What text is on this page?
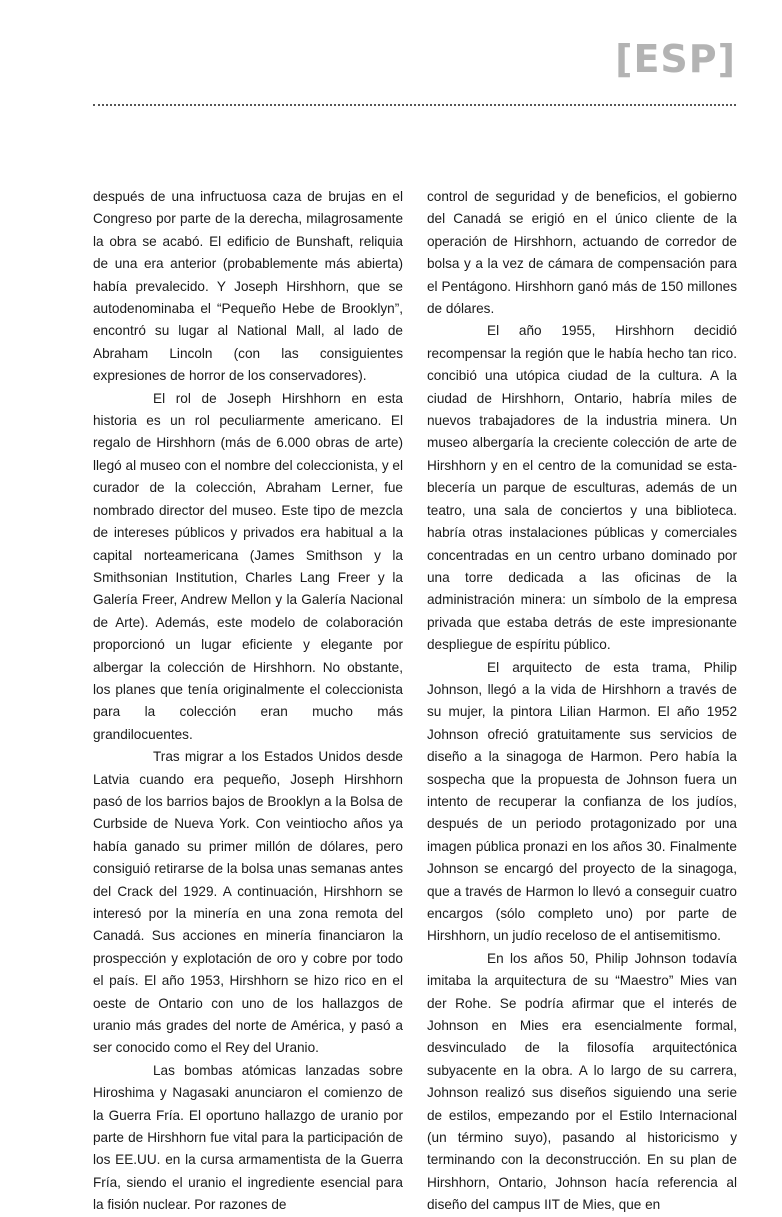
[ESP]

después de una infructuosa caza de brujas en el Congreso por parte de la derecha, milagrosamente la obra se acabó. El edificio de Bunshaft, reliquia de una era anterior (probablemente más abierta) había prevalecido. Y Joseph Hirshhorn, que se autodenominaba el “Pequeño Hebe de Brooklyn”, encontró su lugar al National Mall, al lado de Abraham Lincoln (con las consiguientes expresiones de horror de los conservadores).

El rol de Joseph Hirshhorn en esta historia es un rol peculiarmente americano. El regalo de Hirshhorn (más de 6.000 obras de arte) llegó al museo con el nombre del coleccionista, y el curador de la colección, Abraham Lerner, fue nombrado director del museo. Este tipo de mezcla de intereses públicos y privados era habitual a la capital norteamericana (James Smithson y la Smithsonian Institution, Charles Lang Freer y la Galería Freer, Andrew Mellon y la Galería Nacional de Arte). Además, este modelo de colaboración proporcionó un lugar eficiente y elegante por albergar la colección de Hirshhorn. No obstante, los planes que tenía originalmente el coleccionista para la colección eran mucho más grandilocuentes.

Tras migrar a los Estados Unidos desde Latvia cuando era pequeño, Joseph Hirshhorn pasó de los barrios bajos de Brooklyn a la Bolsa de Curbside de Nueva York. Con veintiocho años ya había ganado su primer millón de dólares, pero consiguió retirarse de la bolsa unas semanas antes del Crack del 1929. A continuación, Hirshhorn se interesó por la minería en una zona remota del Canadá. Sus acciones en minería financiaron la prospección y explotación de oro y cobre por todo el país. El año 1953, Hirshhorn se hizo rico en el oeste de Ontario con uno de los hallazgos de uranio más grades del norte de América, y pasó a ser conocido como el Rey del Uranio.

Las bombas atómicas lanzadas sobre Hiroshima y Nagasaki anunciaron el comienzo de la Guerra Fría. El oportuno hallazgo de uranio por parte de Hirshhorn fue vital para la participación de los EE.UU. en la cursa armamentista de la Guerra Fría, siendo el uranio el ingrediente esencial para la fisión nuclear. Por razones de

control de seguridad y de beneficios, el gobierno del Canadá se erigió en el único cliente de la operación de Hirshhorn, actuando de corredor de bolsa y a la vez de cámara de compensación para el Pentágono. Hirshhorn ganó más de 150 millones de dólares.

El año 1955, Hirshhorn decidió recompensar la región que le había hecho tan rico. concibió una utópica ciudad de la cultura. A la ciudad de Hirshhorn, Ontario, habría miles de nuevos trabajadores de la industria minera. Un museo albergaría la creciente colección de arte de Hirshhorn y en el centro de la comunidad se establecería un parque de esculturas, además de un teatro, una sala de conciertos y una biblioteca. habría otras instalaciones públicas y comerciales concentradas en un centro urbano dominado por una torre dedicada a las oficinas de la administración minera: un símbolo de la empresa privada que estaba detrás de este impresionante despliegue de espíritu público.

El arquitecto de esta trama, Philip Johnson, llegó a la vida de Hirshhorn a través de su mujer, la pintora Lilian Harmon. El año 1952 Johnson ofreció gratuitamente sus servicios de diseño a la sinagoga de Harmon. Pero había la sospecha que la propuesta de Johnson fuera un intento de recuperar la confianza de los judíos, después de un periodo protagonizado por una imagen pública pronazi en los años 30. Finalmente Johnson se encargó del proyecto de la sinagoga, que a través de Harmon lo llevó a conseguir cuatro encargos (sólo completo uno) por parte de Hirshhorn, un judío receloso de el antisemitismo.

En los años 50, Philip Johnson todavía imitaba la arquitectura de su “Maestro” Mies van der Rohe. Se podría afirmar que el interés de Johnson en Mies era esencialmente formal, desvinculado de la filosofía arquitectónica subyacente en la obra. A lo largo de su carrera, Johnson realizó sus diseños siguiendo una serie de estilos, empezando por el Estilo Internacional (un término suyo), pasando al historicismo y terminando con la deconstrucción. En su plan de Hirshhorn, Ontario, Johnson hacía referencia al diseño del campus IIT de Mies, que en
